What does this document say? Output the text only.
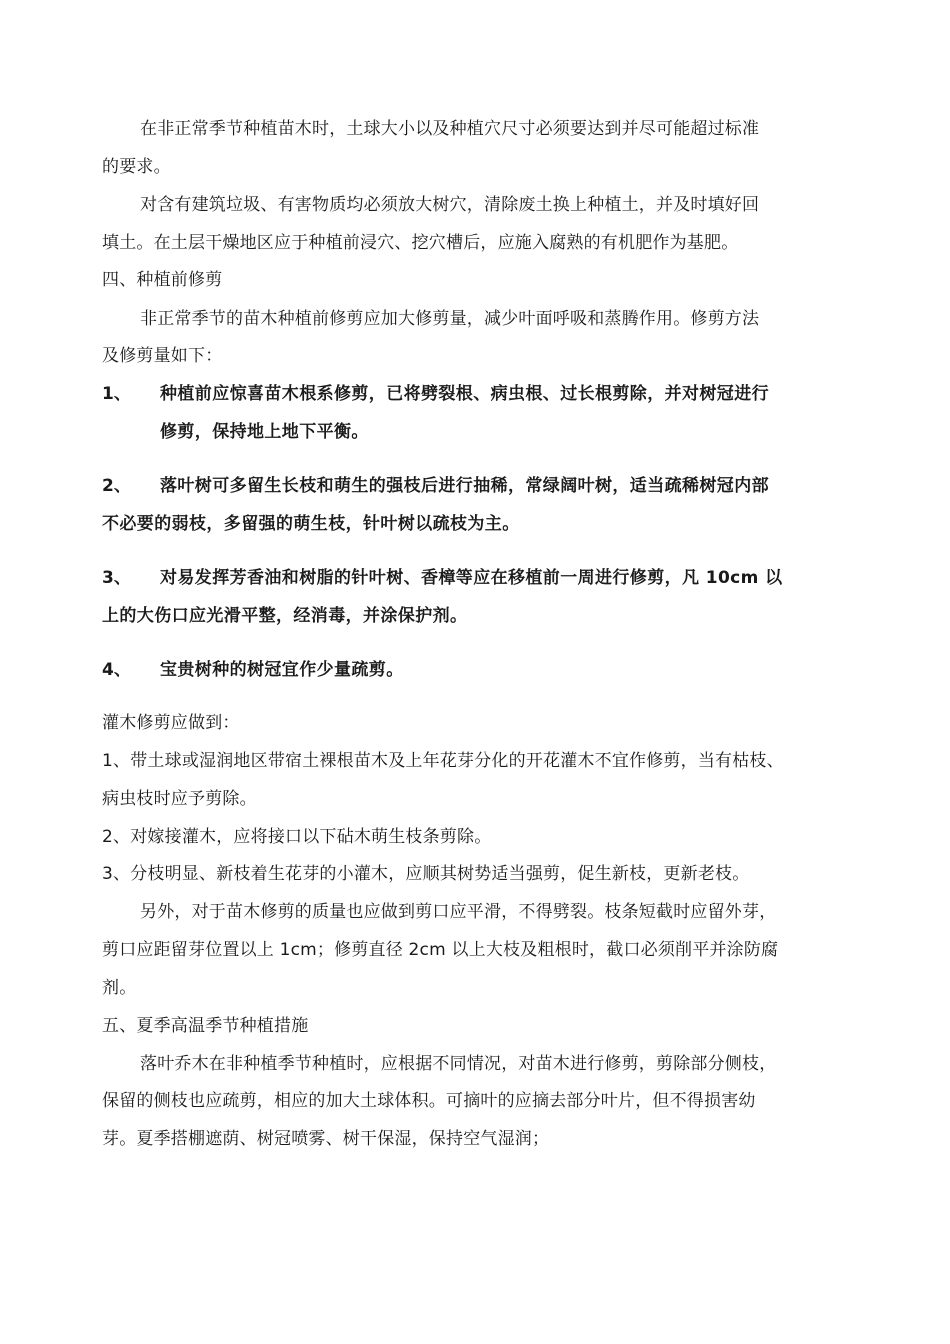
在非正常季节种植苗木时，土球大小以及种植穴尺寸必须要达到并尽可能超过标准
的要求。
对含有建筑垃圾、有害物质均必须放大树穴，清除废土换上种植土，并及时填好回
填土。在土层干燥地区应于种植前浸穴、挖穴槽后，应施入腐熟的有机肥作为基肥。
四、种植前修剪
非正常季节的苗木种植前修剪应加大修剪量，减少叶面呼吸和蒸腾作用。修剪方法
及修剪量如下：
1、 种植前应惊喜苗木根系修剪，已将劈裂根、病虫根、过长根剪除，并对树冠进行
修剪，保持地上地下平衡。
2、 落叶树可多留生长枝和萌生的强枝后进行抽稀，常绿阔叶树，适当疏稀树冠内部
不必要的弱枝，多留强的萌生枝，针叶树以疏枝为主。
3、 对易发挥芳香油和树脂的针叶树、香樟等应在移植前一周进行修剪，凡 10cm 以
上的大伤口应光滑平整，经消毒，并涂保护剂。
4、 宝贵树种的树冠宜作少量疏剪。
灌木修剪应做到：
1、带土球或湿润地区带宿土裸根苗木及上年花芽分化的开花灌木不宜作修剪，当有枯枝、
病虫枝时应予剪除。
2、对嫁接灌木，应将接口以下砧木萌生枝条剪除。
3、分枝明显、新枝着生花芽的小灌木，应顺其树势适当强剪，促生新枝，更新老枝。
另外，对于苗木修剪的质量也应做到剪口应平滑，不得劈裂。枝条短截时应留外芽，
剪口应距留芽位置以上 1cm；修剪直径 2cm 以上大枝及粗根时，截口必须削平并涂防腐
剂。
五、夏季高温季节种植措施
落叶乔木在非种植季节种植时，应根据不同情况，对苗木进行修剪，剪除部分侧枝，
保留的侧枝也应疏剪，相应的加大土球体积。可摘叶的应摘去部分叶片，但不得损害幼
芽。夏季搭棚遮荫、树冠喷雾、树干保湿，保持空气湿润；
